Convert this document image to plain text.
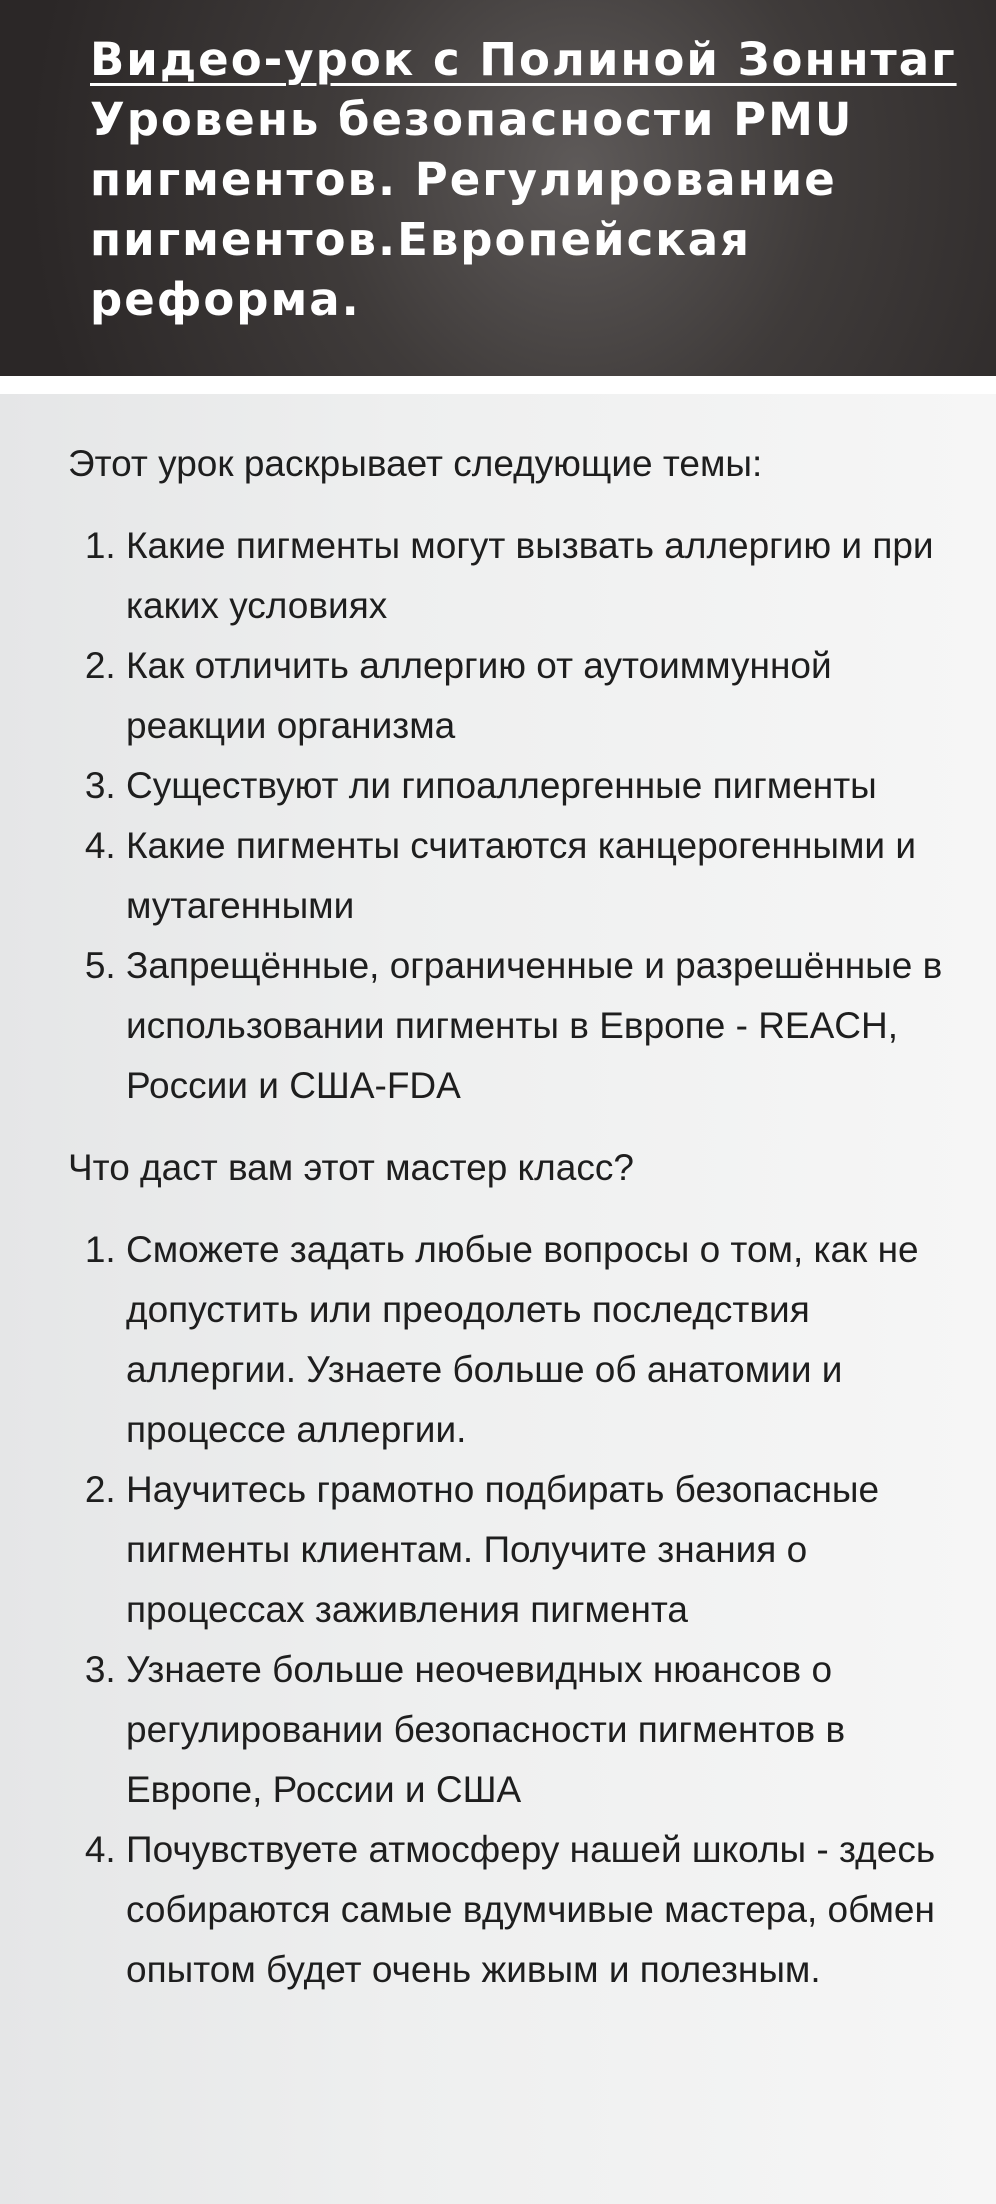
Видео-урок с Полиной Зоннтаг
Уровень безопасности PMU пигментов. Регулирование пигментов.Европейская реформа.

Этот урок раскрывает следующие темы:

1. Какие пигменты могут вызвать аллергию и при каких условиях
2. Как отличить аллергию от аутоиммунной реакции организма
3. Существуют ли гипоаллергенные пигменты
4. Какие пигменты считаются канцерогенными и мутагенными
5. Запрещённые, ограниченные и разрешённые в использовании пигменты в Европе - REACH, России и США-FDA

Что даст вам этот мастер класс?

1. Сможете задать любые вопросы о том, как не допустить или преодолеть последствия аллергии. Узнаете больше об анатомии и процессе аллергии.
2. Научитесь грамотно подбирать безопасные пигменты клиентам. Получите знания о процессах заживления пигмента
3. Узнаете больше неочевидных нюансов о регулировании безопасности пигментов в Европе, России и США
4. Почувствуете атмосферу нашей школы - здесь собираются самые вдумчивые мастера, обмен опытом будет очень живым и полезным.
